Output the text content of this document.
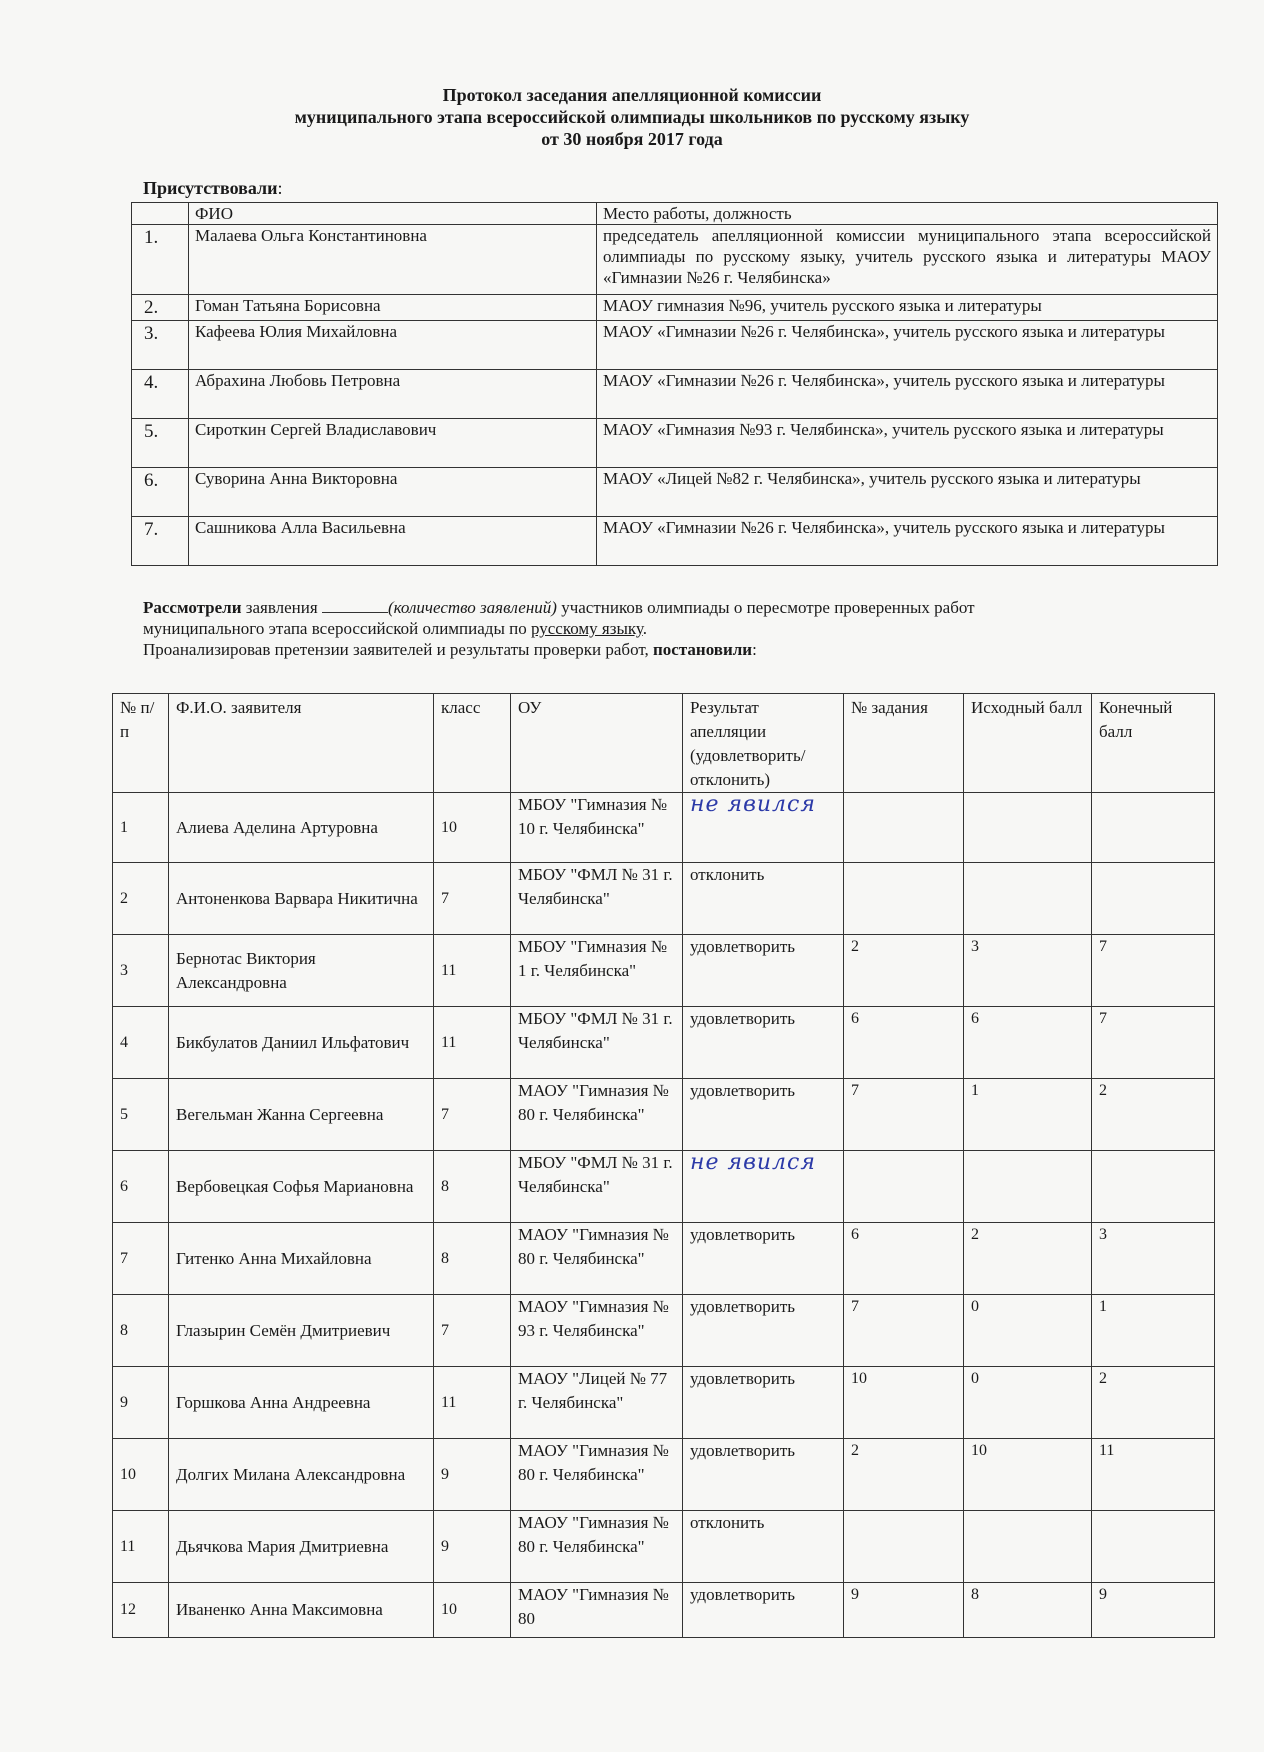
Протокол заседания апелляционной комиссии
муниципального этапа всероссийской олимпиады школьников по русскому языку
от 30 ноября 2017 года
Присутствовали:
	ФИО	Место работы, должность
1.	Малаева Ольга Константиновна	председатель апелляционной комиссии муниципального этапа всероссийской олимпиады по русскому языку, учитель русского языка и литературы МАОУ «Гимназии №26 г. Челябинска»
2.	Гоман Татьяна Борисовна	МАОУ гимназия №96, учитель русского языка и литературы
3.	Кафеева Юлия Михайловна	МАОУ «Гимназии №26 г. Челябинска», учитель русского языка и литературы
4.	Абрахина Любовь Петровна	МАОУ «Гимназии №26 г. Челябинска», учитель русского языка и литературы
5.	Сироткин Сергей Владиславович	МАОУ «Гимназия №93 г. Челябинска», учитель русского языка и литературы
6.	Суворина Анна Викторовна	МАОУ «Лицей №82 г. Челябинска», учитель русского языка и литературы
7.	Сашникова Алла Васильевна	МАОУ «Гимназии №26 г. Челябинска», учитель русского языка и литературы
Рассмотрели заявления	(количество заявлений) участников олимпиады о пересмотре проверенных работ
муниципального этапа всероссийской олимпиады по русскому языку.
Проанализировав претензии заявителей и результаты проверки работ, постановили:
№ п/п	Ф.И.О. заявителя	класс	ОУ	Результат апелляции (удовлетворить/ отклонить)	№ задания	Исходный балл	Конечный балл
1	Алиева Аделина Артуровна	10	МБОУ "Гимназия № 10 г. Челябинска"	не явился			
2	Антоненкова Варвара Никитична	7	МБОУ "ФМЛ № 31 г. Челябинска"	отклонить			
3	Бернотас Виктория Александровна	11	МБОУ "Гимназия № 1 г. Челябинска"	удовлетворить	2	3	7
4	Бикбулатов Даниил Ильфатович	11	МБОУ "ФМЛ № 31 г. Челябинска"	удовлетворить	6	6	7
5	Вегельман Жанна Сергеевна	7	МАОУ "Гимназия № 80 г. Челябинска"	удовлетворить	7	1	2
6	Вербовецкая Софья Мариановна	8	МБОУ "ФМЛ № 31 г. Челябинска"	не явился			
7	Гитенко Анна Михайловна	8	МАОУ "Гимназия № 80 г. Челябинска"	удовлетворить	6	2	3
8	Глазырин Семён Дмитриевич	7	МАОУ "Гимназия № 93 г. Челябинска"	удовлетворить	7	0	1
9	Горшкова Анна Андреевна	11	МАОУ "Лицей № 77 г. Челябинска"	удовлетворить	10	0	2
10	Долгих Милана Александровна	9	МАОУ "Гимназия № 80 г. Челябинска"	удовлетворить	2	10	11
11	Дьячкова Мария Дмитриевна	9	МАОУ "Гимназия № 80 г. Челябинска"	отклонить			
12	Иваненко Анна Максимовна	10	МАОУ "Гимназия № 80	удовлетворить	9	8	9
